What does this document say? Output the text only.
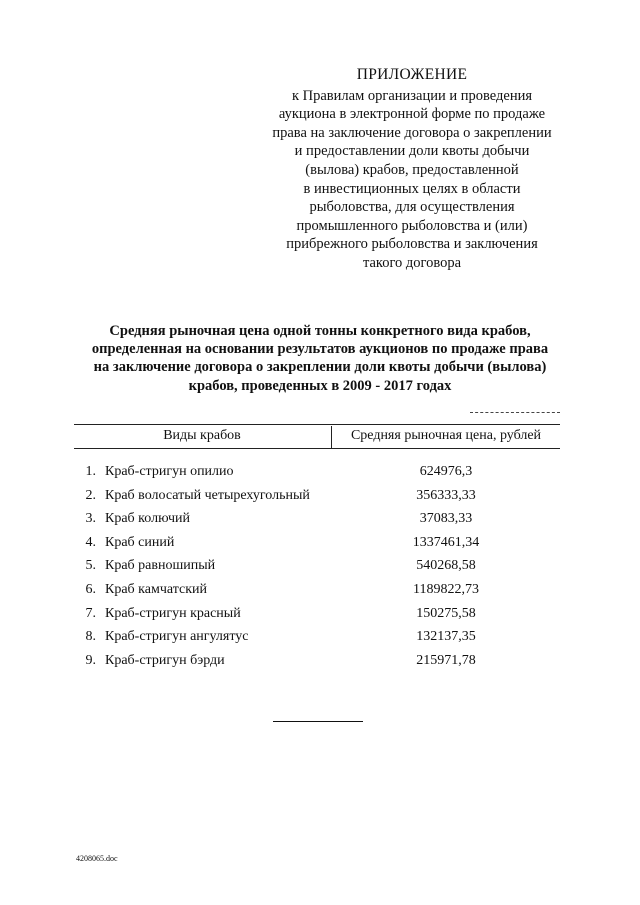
ПРИЛОЖЕНИЕ
к Правилам организации и проведения
аукциона в электронной форме по продаже
права на заключение договора о закреплении
и предоставлении доли квоты добычи
(вылова) крабов, предоставленной
в инвестиционных целях в области
рыболовства, для осуществления
промышленного рыболовства и (или)
прибрежного рыболовства и заключения
такого договора
Средняя рыночная цена одной тонны конкретного вида крабов,
определенная на основании результатов аукционов по продаже права
на заключение договора о закреплении доли квоты добычи (вылова)
крабов, проведенных в 2009 - 2017 годах
Виды крабов	Средняя рыночная цена, рублей
1. Краб-стригун опилио	624976,3
2. Краб волосатый четырехугольный	356333,33
3. Краб колючий	37083,33
4. Краб синий	1337461,34
5. Краб равношипый	540268,58
6. Краб камчатский	1189822,73
7. Краб-стригун красный	150275,58
8. Краб-стригун ангулятус	132137,35
9. Краб-стригун бэрди	215971,78
4208065.doc
